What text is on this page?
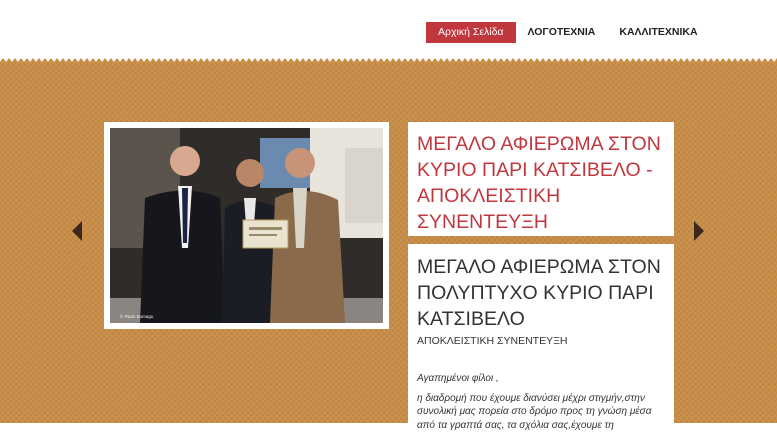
Αρχική Σελίδα	ΛΟΓΟΤΕΧΝΙΑ	ΚΑΛΛΙΤΕΧΝΙΚΑ
© Radu Bumagu
ΜΕΓΑΛΟ ΑΦΙΕΡΩΜΑ ΣΤΟΝ ΚΥΡΙΟ ΠΑΡΙ ΚΑΤΣΙΒΕΛΟ - ΑΠΟΚΛΕΙΣΤΙΚΗ ΣΥΝΕΝΤΕΥΞΗ
ΜΕΓΑΛΟ ΑΦΙΕΡΩΜΑ ΣΤΟΝ ΠΟΛΥΠΤΥΧΟ ΚΥΡΙΟ ΠΑΡΙ ΚΑΤΣΙΒΕΛΟ
ΑΠΟΚΛΕΙΣΤΙΚΗ ΣΥΝΕΝΤΕΥΞΗ

Αγαπημένοι φίλοι ,

η διαδρομή που έχουμε διανύσει μέχρι στιγμήν,στην συνολική μας πορεία στο δρόμο προς τη γνώση μέσα από τα γραπτά σας, τα σχόλια σας,έχουμε τη
